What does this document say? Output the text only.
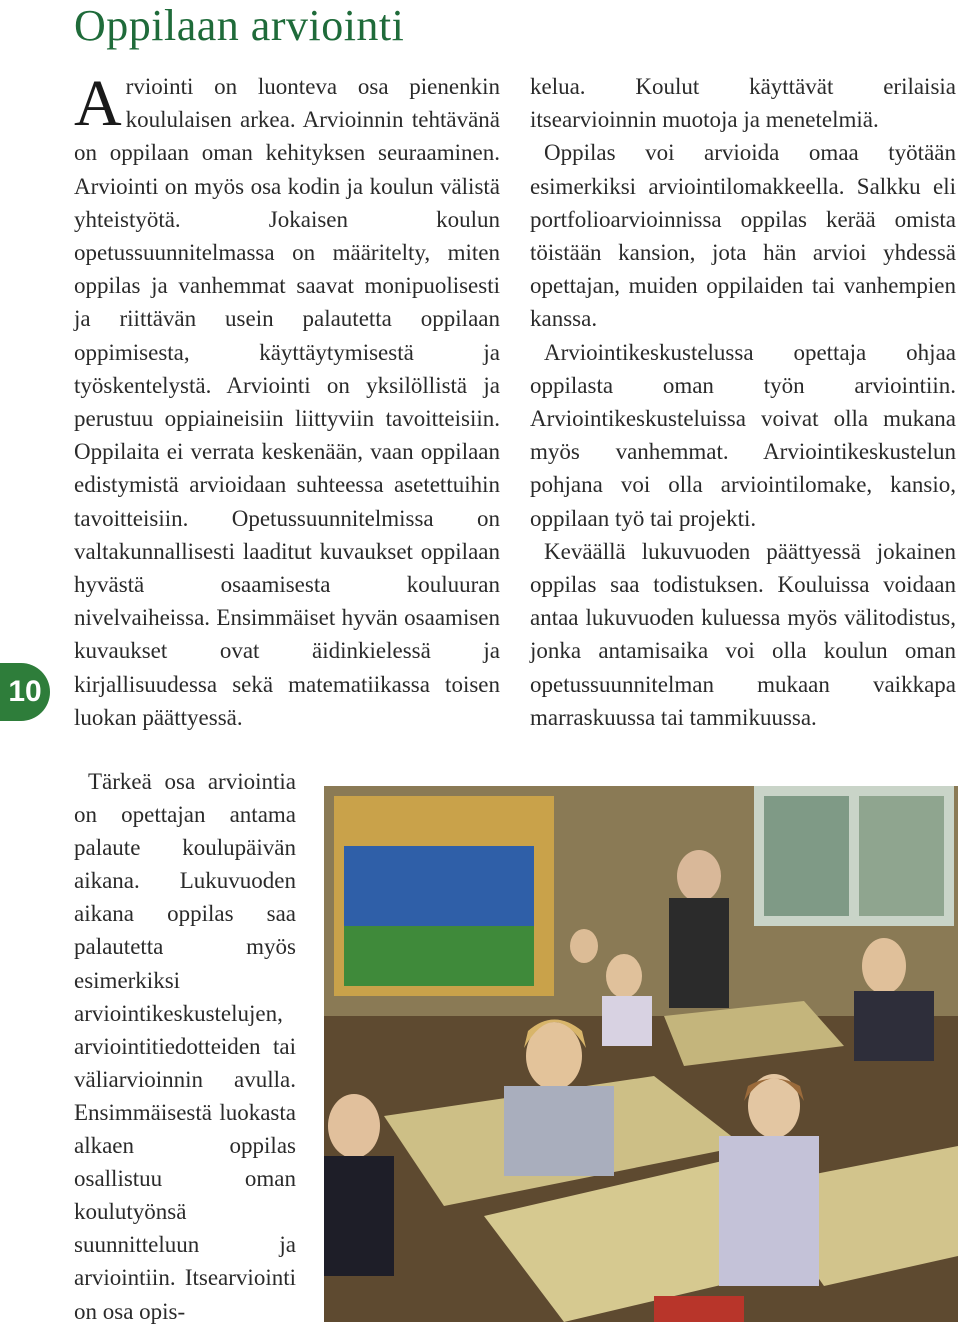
Oppilaan arviointi
10

Arviointi on luonteva osa pienenkin koululaisen arkea. Arvioinnin tehtävänä on oppilaan oman kehityksen seuraaminen. Arviointi on myös osa kodin ja koulun välistä yhteistyötä. Jokaisen koulun opetussuunnitelmassa on määritelty, miten oppilas ja vanhemmat saavat monipuolisesti ja riittävän usein palautetta oppilaan oppimisesta, käyttäytymisestä ja työskentelystä. Arviointi on yksilöllistä ja perustuu oppiaineisiin liittyviin tavoitteisiin. Oppilaita ei verrata keskenään, vaan oppilaan edistymistä arvioidaan suhteessa asetettuihin tavoitteisiin. Opetussuunnitelmissa on valtakunnallisesti laaditut kuvaukset oppilaan hyvästä osaamisesta kouluuran nivelvaiheissa. Ensimmäiset hyvän osaamisen kuvaukset ovat äidinkielessä ja kirjallisuudessa sekä matematiikassa toisen luokan päättyessä.

Tärkeä osa arviointia on opettajan antama palaute koulupäivän aikana. Lukuvuoden aikana oppilas saa palautetta myös esimerkiksi arviointikeskustelujen, arviointitiedotteiden tai väliarvioinnin avulla. Ensimmäisestä luokasta alkaen oppilas osallistuu oman koulutyönsä suunnitteluun ja arviointiin. Itsearviointi on osa opis-

kelua. Koulut käyttävät erilaisia itsearvioinnin muotoja ja menetelmiä.

Oppilas voi arvioida omaa työtään esimerkiksi arviointilomakkeella. Salkku eli portfolioarvioinnissa oppilas kerää omista töistään kansion, jota hän arvioi yhdessä opettajan, muiden oppilaiden tai vanhempien kanssa.

Arviointikeskustelussa opettaja ohjaa oppilasta oman työn arviointiin. Arviointikeskusteluissa voivat olla mukana myös vanhemmat. Arviointikeskustelun pohjana voi olla arviointilomake, kansio, oppilaan työ tai projekti.

Keväällä lukuvuoden päättyessä jokainen oppilas saa todistuksen. Kouluissa voidaan antaa lukuvuoden kuluessa myös välitodistus, jonka antamisaika voi olla koulun oman opetussuunnitelman mukaan vaikkapa marraskuussa tai tammikuussa.
